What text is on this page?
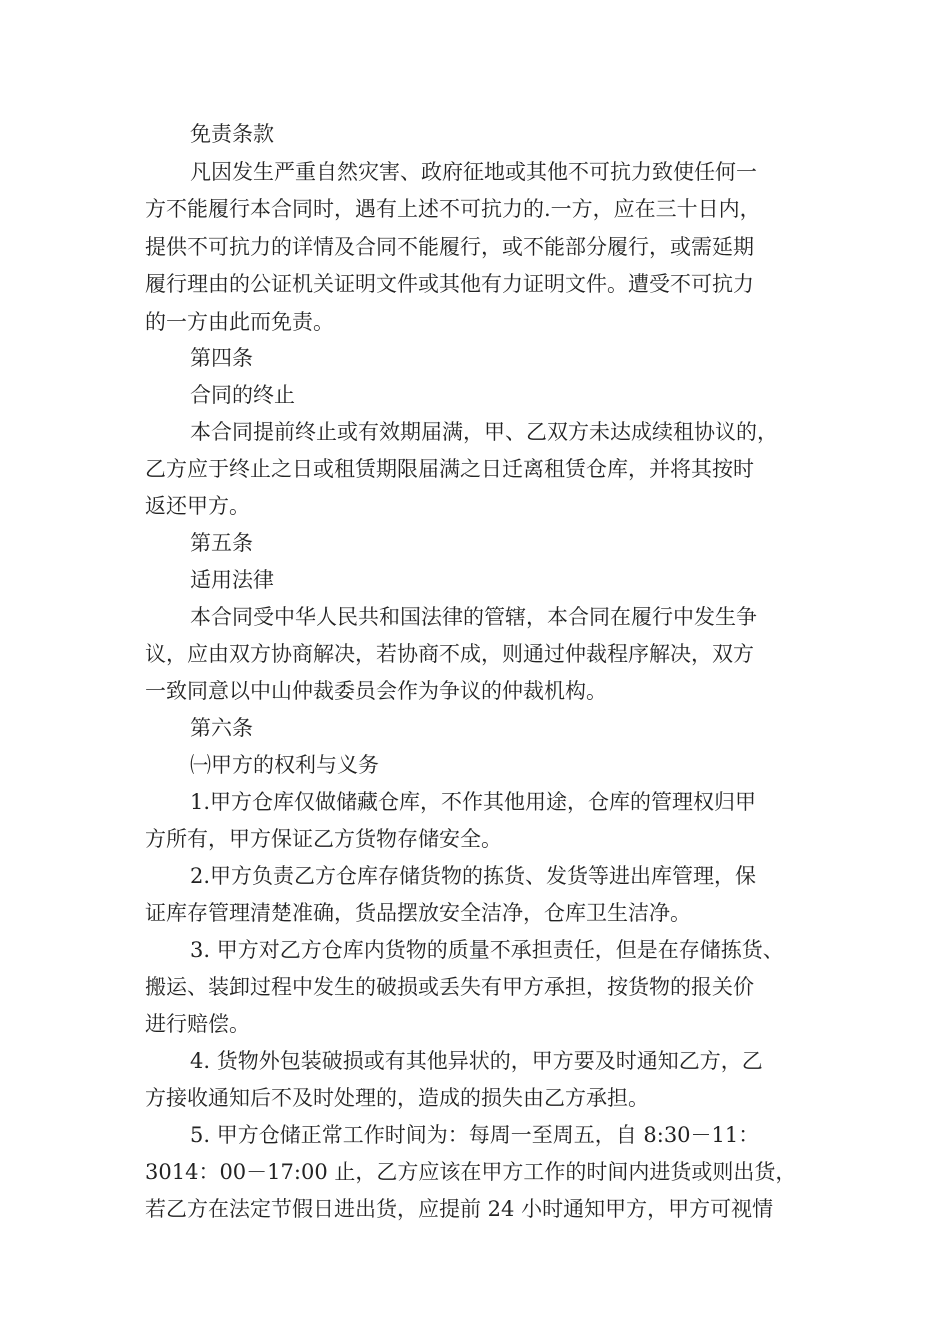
免责条款
凡因发生严重自然灾害、政府征地或其他不可抗力致使任何一
方不能履行本合同时，遇有上述不可抗力的.一方，应在三十日内，
提供不可抗力的详情及合同不能履行，或不能部分履行，或需延期
履行理由的公证机关证明文件或其他有力证明文件。遭受不可抗力
的一方由此而免责。
第四条
合同的终止
本合同提前终止或有效期届满，甲、乙双方未达成续租协议的，
乙方应于终止之日或租赁期限届满之日迁离租赁仓库，并将其按时
返还甲方。
第五条
适用法律
本合同受中华人民共和国法律的管辖，本合同在履行中发生争
议，应由双方协商解决，若协商不成，则通过仲裁程序解决，双方
一致同意以中山仲裁委员会作为争议的仲裁机构。
第六条
㈠甲方的权利与义务
1.甲方仓库仅做储藏仓库，不作其他用途，仓库的管理权归甲
方所有，甲方保证乙方货物存储安全。
2.甲方负责乙方仓库存储货物的拣货、发货等进出库管理，保
证库存管理清楚准确，货品摆放安全洁净，仓库卫生洁净。
3. 甲方对乙方仓库内货物的质量不承担责任，但是在存储拣货、
搬运、装卸过程中发生的破损或丢失有甲方承担，按货物的报关价
进行赔偿。
4. 货物外包装破损或有其他异状的，甲方要及时通知乙方，乙
方接收通知后不及时处理的，造成的损失由乙方承担。
5. 甲方仓储正常工作时间为：每周一至周五，自 8:30－11：
3014：00－17:00 止，乙方应该在甲方工作的时间内进货或则出货，
若乙方在法定节假日进出货，应提前 24 小时通知甲方，甲方可视情
